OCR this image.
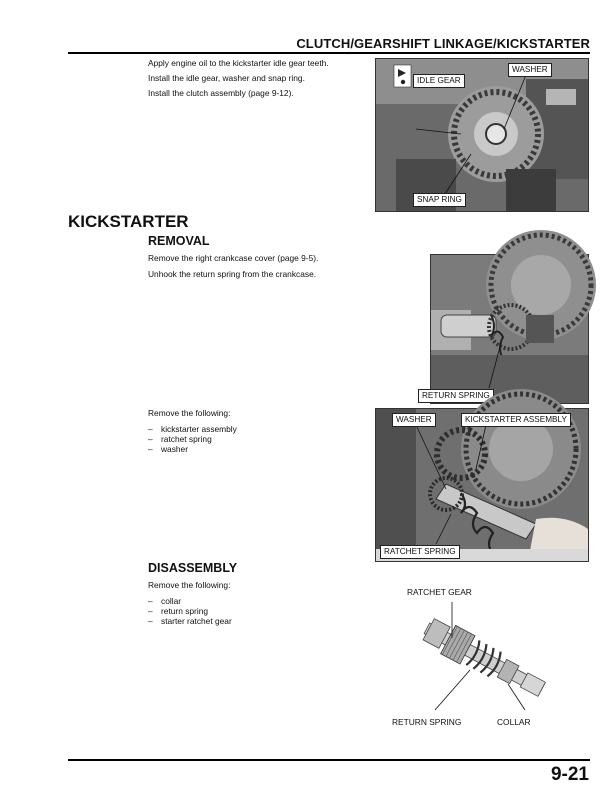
CLUTCH/GEARSHIFT LINKAGE/KICKSTARTER
Apply engine oil to the kickstarter idle gear teeth.
Install the idle gear, washer and snap ring.
Install the clutch assembly (page 9-12).
WASHER
IDLE GEAR
SNAP RING
KICKSTARTER
REMOVAL
Remove the right crankcase cover (page 9-5).
Unhook the return spring from the crankcase.
RETURN SPRING
Remove the following:
– kickstarter assembly
– ratchet spring
– washer
WASHER	KICKSTARTER ASSEMBLY
RATCHET SPRING
DISASSEMBLY
Remove the following:
– collar
– return spring
– starter ratchet gear
RATCHET GEAR
RETURN SPRING	COLLAR
9-21
